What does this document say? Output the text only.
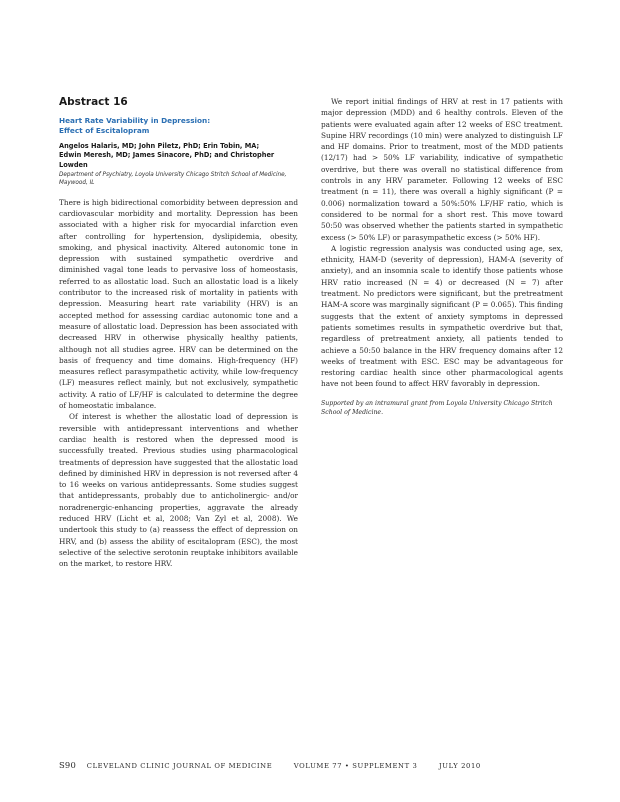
Abstract 16
Heart Rate Variability in Depression:
Effect of Escitalopram
Angelos Halaris, MD; John Piletz, PhD; Erin Tobin, MA;
Edwin Meresh, MD; James Sinacore, PhD; and Christopher Lowden
Department of Psychiatry, Loyola University Chicago Stritch School of Medicine,
Maywood, IL

There is high bidirectional comorbidity between depression and cardiovascular morbidity and mortality. Depression has been associated with a higher risk for myocardial infarction even after controlling for hypertension, dyslipidemia, obesity, smoking, and physical inactivity. Altered autonomic tone in depression with sustained sympathetic overdrive and diminished vagal tone leads to pervasive loss of homeostasis, referred to as allostatic load. Such an allostatic load is a likely contributor to the increased risk of mortality in patients with depression. Measuring heart rate variability (HRV) is an accepted method for assessing cardiac autonomic tone and a measure of allostatic load. Depression has been associated with decreased HRV in otherwise physically healthy patients, although not all studies agree. HRV can be determined on the basis of frequency and time domains. High-frequency (HF) measures reflect parasympathetic activity, while low-frequency (LF) measures reflect mainly, but not exclusively, sympathetic activity. A ratio of LF/HF is calculated to determine the degree of homeostatic imbalance.

Of interest is whether the allostatic load of depression is reversible with antidepressant interventions and whether cardiac health is restored when the depressed mood is successfully treated. Previous studies using pharmacological treatments of depression have suggested that the allostatic load defined by diminished HRV in depression is not reversed after 4 to 16 weeks on various antidepressants. Some studies suggest that antidepressants, probably due to anticholinergic- and/or noradrenergic-enhancing properties, aggravate the already reduced HRV (Licht et al, 2008; Van Zyl et al, 2008). We undertook this study to (a) reassess the effect of depression on HRV, and (b) assess the ability of escitalopram (ESC), the most selective of the selective serotonin reuptake inhibitors available on the market, to restore HRV.

We report initial findings of HRV at rest in 17 patients with major depression (MDD) and 6 healthy controls. Eleven of the patients were evaluated again after 12 weeks of ESC treatment. Supine HRV recordings (10 min) were analyzed to distinguish LF and HF domains. Prior to treatment, most of the MDD patients (12/17) had > 50% LF variability, indicative of sympathetic overdrive, but there was overall no statistical difference from controls in any HRV parameter. Following 12 weeks of ESC treatment (n = 11), there was overall a highly significant (P = 0.006) normalization toward a 50%:50% LF/HF ratio, which is considered to be normal for a short rest. This move toward 50:50 was observed whether the patients started in sympathetic excess (> 50% LF) or parasympathetic excess (> 50% HF).

A logistic regression analysis was conducted using age, sex, ethnicity, HAM-D (severity of depression), HAM-A (severity of anxiety), and an insomnia scale to identify those patients whose HRV ratio increased (N = 4) or decreased (N = 7) after treatment. No predictors were significant, but the pretreatment HAM-A score was marginally significant (P = 0.065). This finding suggests that the extent of anxiety symptoms in depressed patients sometimes results in sympathetic overdrive but that, regardless of pretreatment anxiety, all patients tended to achieve a 50:50 balance in the HRV frequency domains after 12 weeks of treatment with ESC. ESC may be advantageous for restoring cardiac health since other pharmacological agents have not been found to affect HRV favorably in depression.

Supported by an intramural grant from Loyola University Chicago Stritch School of Medicine.

S90 CLEVELAND CLINIC JOURNAL OF MEDICINE	VOLUME 77 • SUPPLEMENT 3	JULY 2010
